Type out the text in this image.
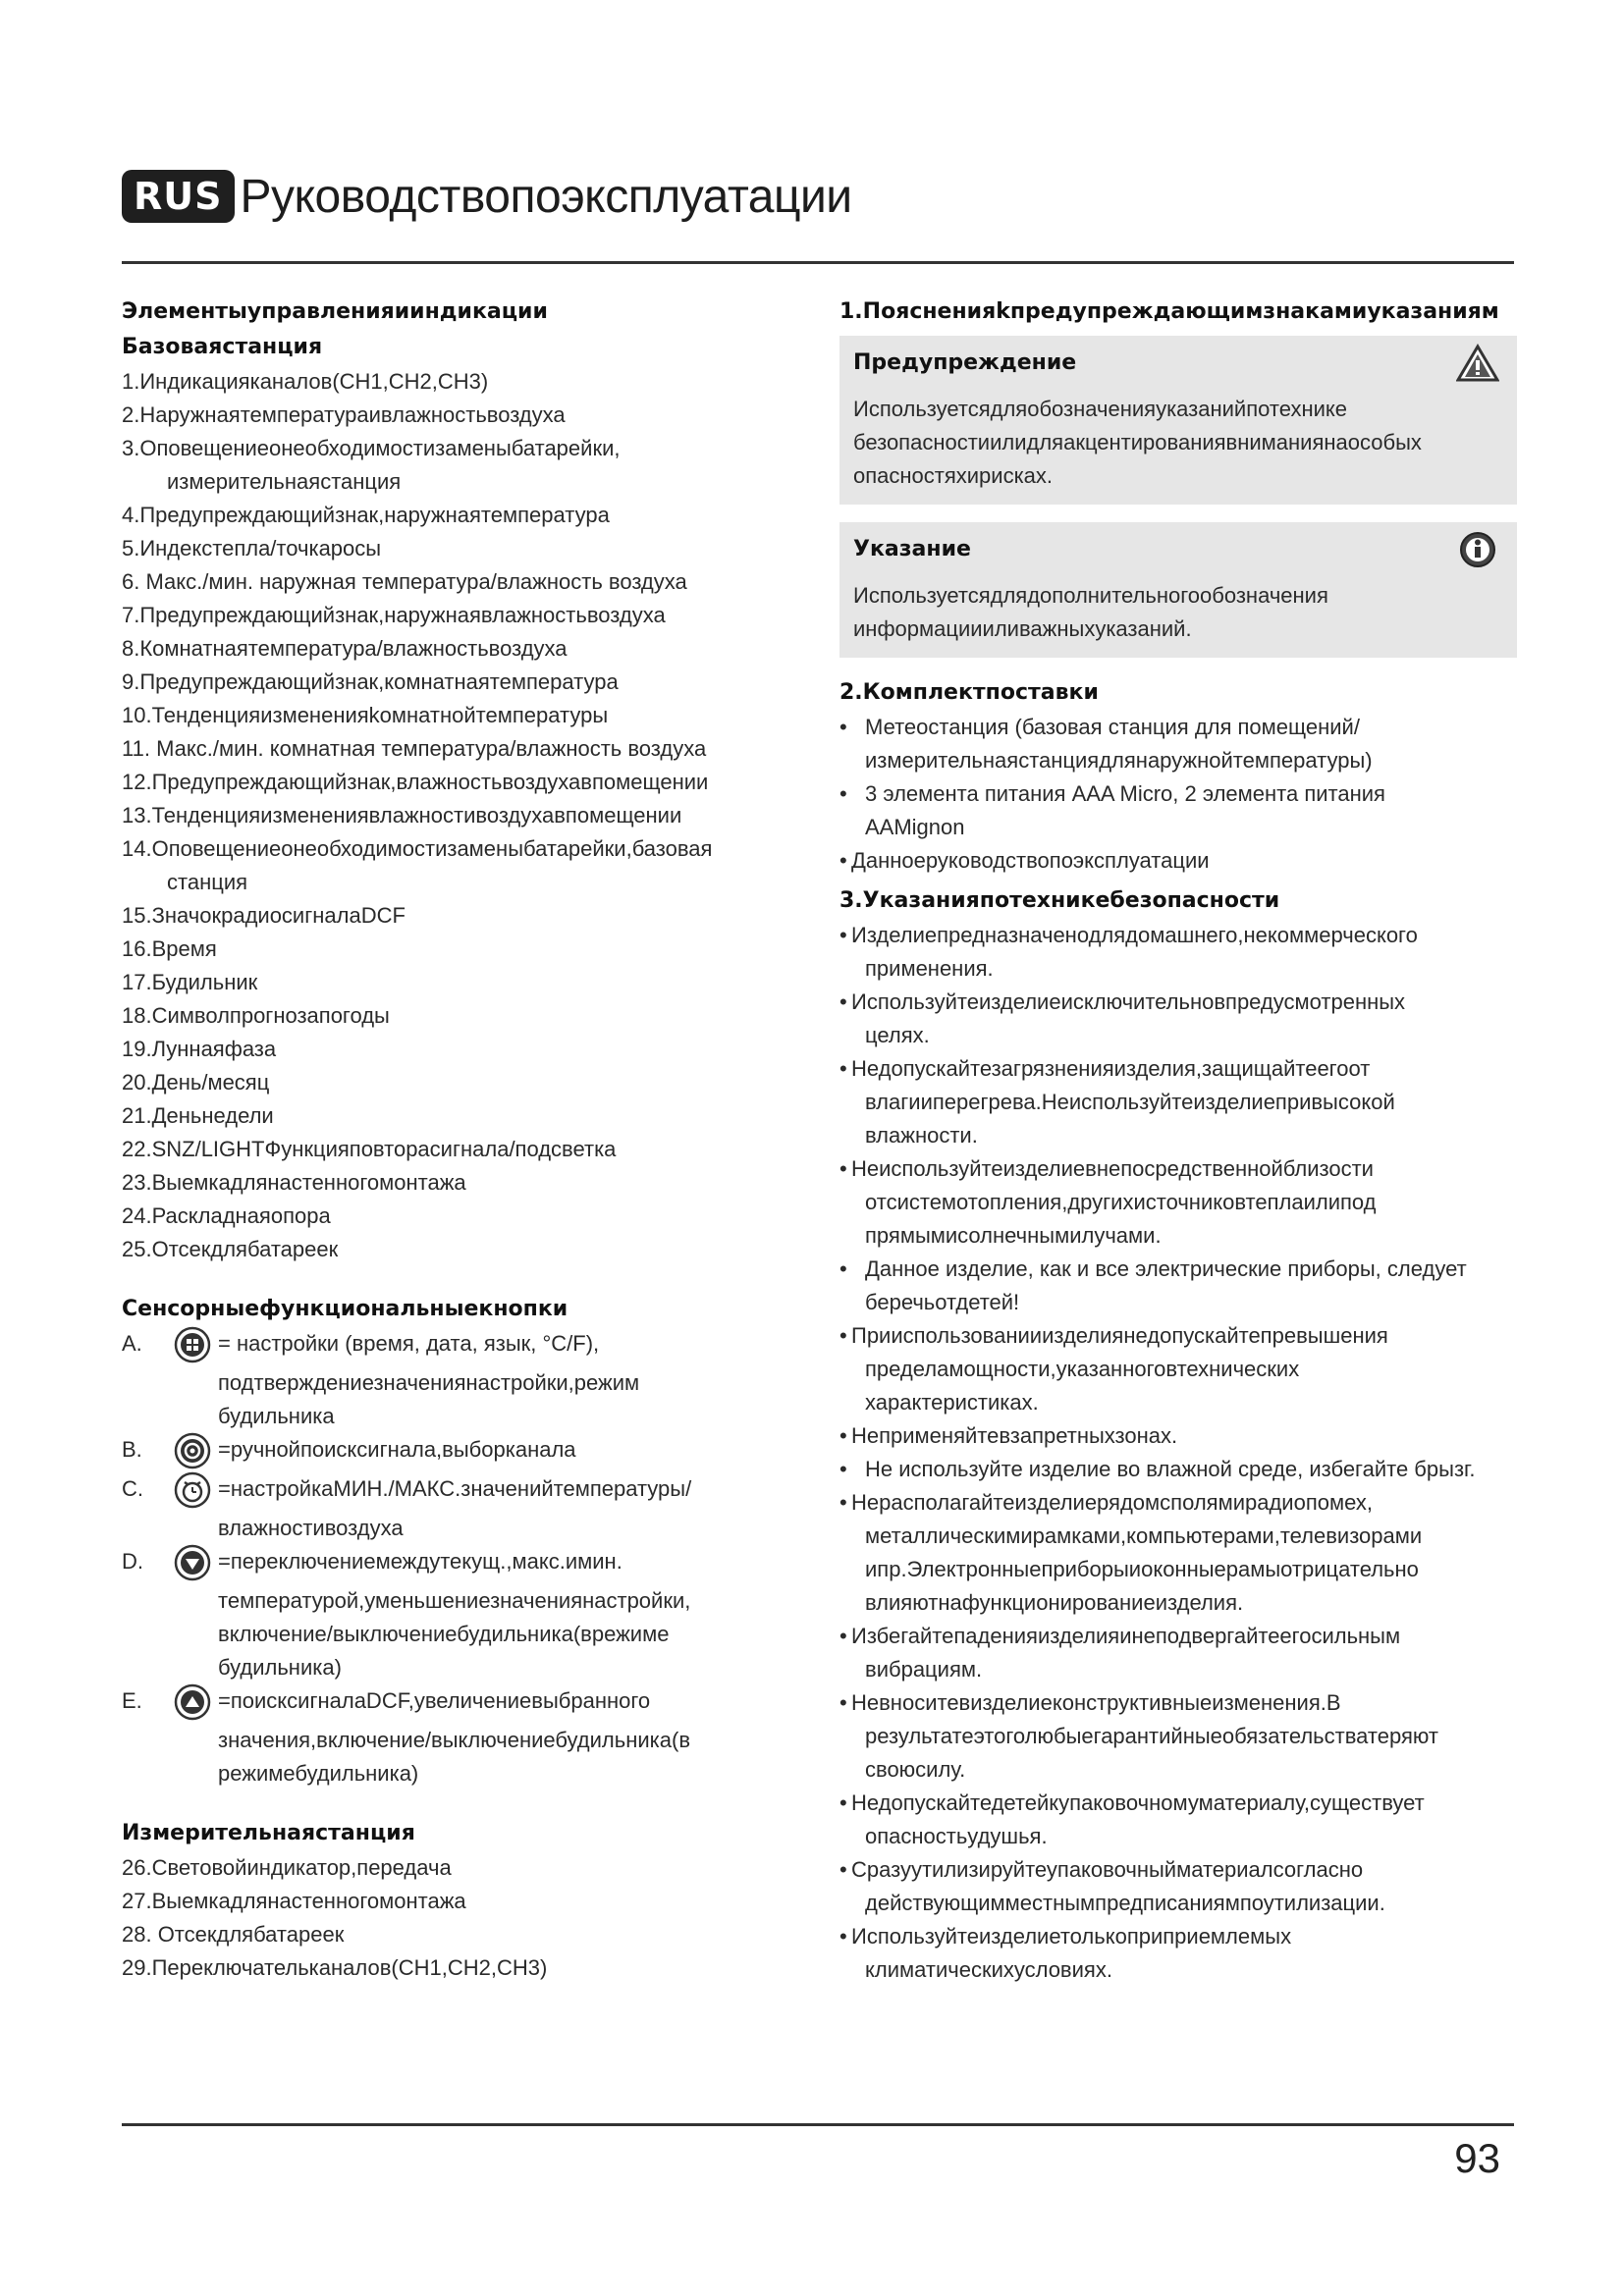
RUS Руководствопоэксплуатации
Элементыуправленияииндикации
Базоваястанция
1.Индикацияканалов(CH1,CH2,CH3)
2.Наружнаятемпературaивлажностьвоздуха
3.Оповещениеонеобходимостизаменыбатарейки,
измерительнаястанция
4.Предупреждающийзнак,наружнаятемпература
5.Индекстепла/точкаросы
6. Макс./мин. наружная температура/влажность воздуха
7.Предупреждающийзнак,наружнаявлажностьвоздуха
8.Комнатнаятемпература/влажностьвоздуха
9.Предупреждающийзнак,комнатнаятемпература
10.Тенденцияизмененияkомнатнойтемпературы
11. Макс./мин. комнатная температура/влажность воздуха
12.Предупреждающийзнак,влажностьвоздухавпомещении
13.Тенденцияизменениявлажностивоздухавпомещении
14.Оповещениеонеобходимостизаменыбатарейки,базовая
станция
15.ЗначокрадиосигналаDCF
16.Время
17.Будильник
18.Символпрогнозапогоды
19.Луннаяфаза
20.День/месяц
21.Деньнедели
22.SNZ/LIGHTФункцияповторасигнала/подсветка
23.Выемкадлянастенногомонтажа
24.Раскладнаяопора
25.Отсекдлябатареек
Сенсорныефункциональныекнопки
A.	= настройки (время, дата, язык, °C/F),
подтверждениезначениянастройки,режим
будильника
B.	=ручнойпоисксигнала,выборканала
C.	=настройкаМИН./МАКС.значенийтемпературы/
влажностивоздуха
D.	=переключениемеждутекущ.,макс.имин.
температурой,уменьшениезначениянастройки,
включение/выключениебудильника(врежиме
будильника)
E.	=поисксигналаDCF,увеличениевыбранного
значения,включение/выключениебудильника(в
режимебудильника)
Измерительнаястанция
26.Световойиндикатор,передача
27.Выемкадлянастенногомонтажа
28. Отсекдлябатареек
29.Переключательканалов(CH1,CH2,CH3)
1.Поясненияkпредупреждающимзнакамиуказаниям
Предупреждение
Используетсядляобозначенияуказанийпотехнике
безопасностиилидляакцентированиявниманиянаособых
опасностяхирисках.
Указание
Используетсядлядополнительногообозначения
информациииливажныхуказаний.
2.Комплектпоставки
• Метеостанция (базовая станция для помещений/
измерительнаястанциядлянаружнойтемпературы)
• 3 элемента питания AAA Micro, 2 элемента питания
AAMignon
• Данноеруководствопоэксплуатации
3.Указанияпотехникебезопасности
• Изделиепредназначенодлядомашнего,некоммерческого
применения.
• Используйтеизделиеисключительновпредусмотренных
целях.
• Недопускайтезагрязненияизделия,защищайтеегоот
влагииперегрева.Неиспользуйтеизделиепривысокой
влажности.
• Неиспользуйтеизделиевнепосредственнойблизости
отсистемотопления,другихисточниковтеплаилипод
прямымисолнечнымилучами.
• Данное изделие, как и все электрические приборы, следует
беречьотдетей!
• Прииспользованииизделиянедопускайтепревышения
пределамощности,указанноговтехнических
характеристиках.
• Неприменяйтевзапретныхзонах.
• Не используйте изделие во влажной среде, избегайте брызг.
• Нерасполагайтеизделиерядомсполямирадиопомех,
металлическимирамками,компьютерами,телевизорами
ипр.Электронныеприборыиоконныерамыотрицательно
влияютнафункционированиеизделия.
• Избегайтепаденияизделияинеподвергайтеегосильным
вибрациям.
• Невноситевизделиеконструктивныеизменения.В
результатеэтоголюбыегарантийныеобязательстватеряют
своюсилу.
• Недопускайтедетейкупаковочномуматериалу,существует
опасностьудушья.
• Сразуутилизируйтеупаковочныйматериалсогласно
действующимместнымпредписаниямпоутилизации.
• Используйтеизделиетолькоприприемлемых
климатическихусловиях.
93
